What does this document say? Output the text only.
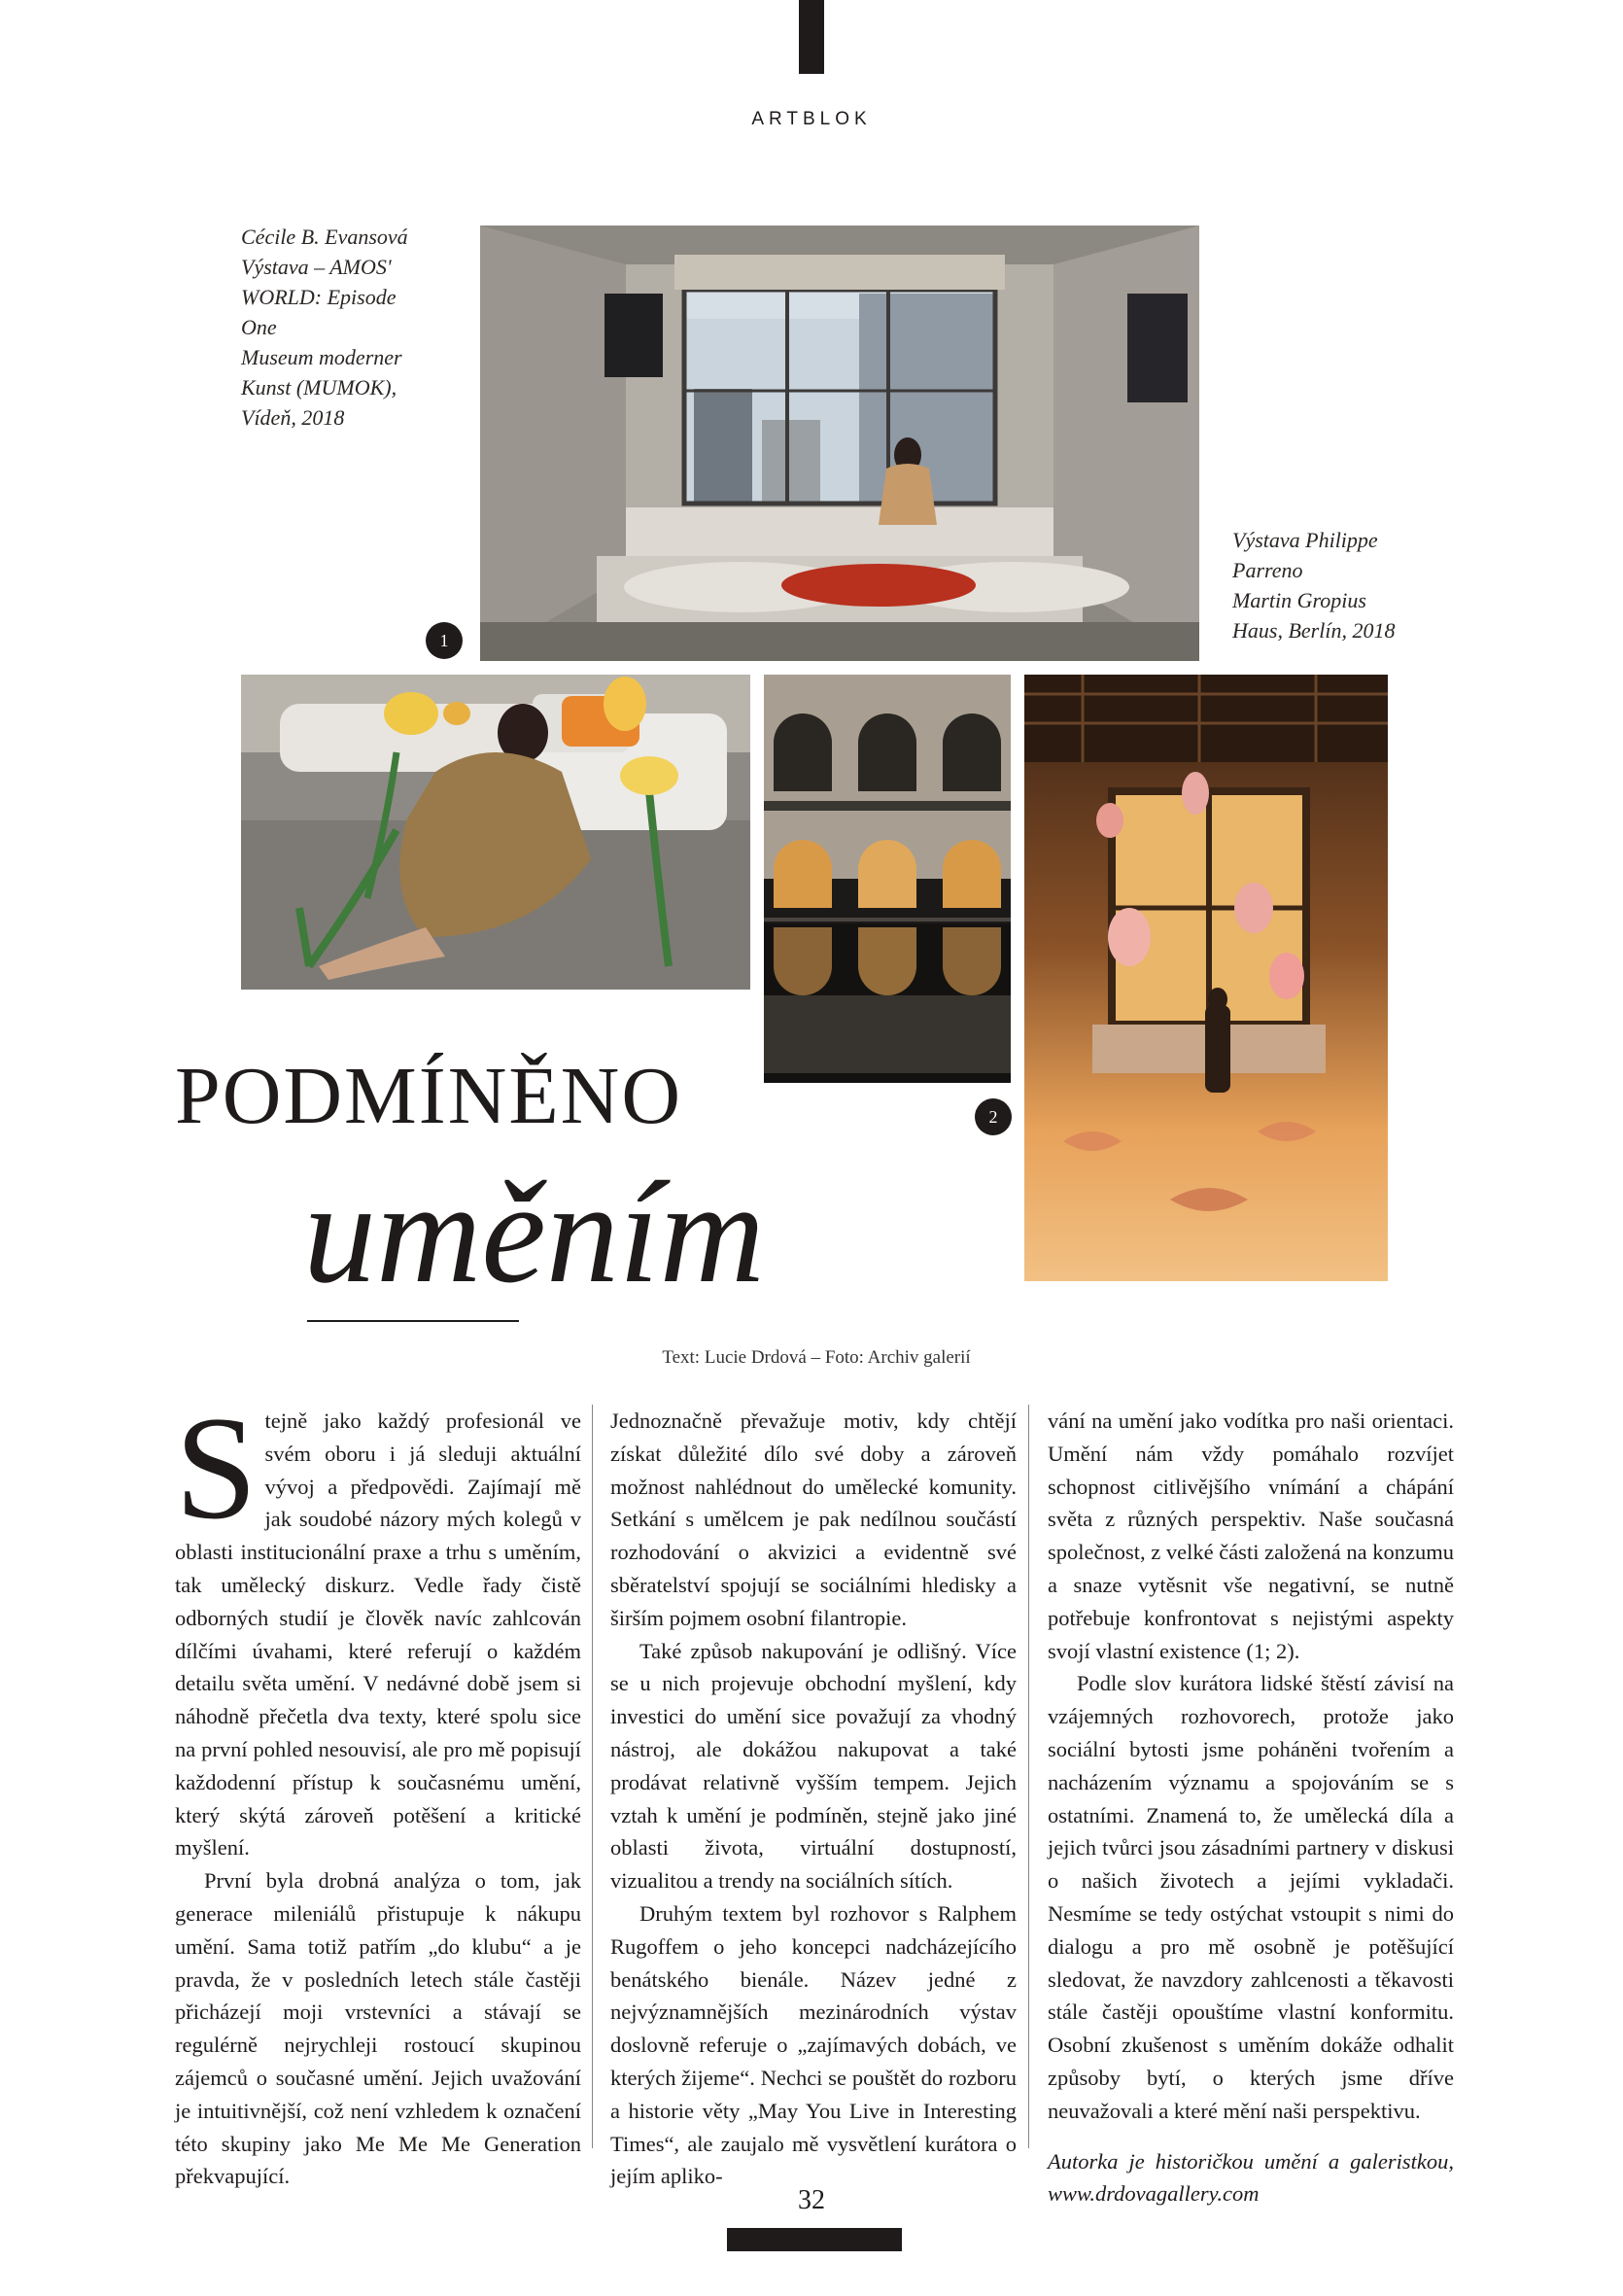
ARTBLOK
Cécile B. Evansová
Výstava – AMOS'
WORLD: Episode
One
Museum moderner
Kunst (MUMOK),
Vídeň, 2018
Výstava Philippe
Parreno
Martin Gropius
Haus, Berlín, 2018
1
2
PODMÍNĚNO
uměním
Text: Lucie Drdová – Foto: Archiv galerií

Stejně jako každý profesionál ve svém oboru i já sleduji aktuální vývoj a předpovědi. Zajímají mě jak soudobé názory mých kolegů v oblasti institucionální praxe a trhu s uměním, tak umělecký diskurz. Vedle řady čistě odborných studií je člověk navíc zahlcován dílčími úvahami, které referují o každém detailu světa umění. V nedávné době jsem si náhodně přečetla dva texty, které spolu sice na první pohled nesouvisí, ale pro mě popisují každodenní přístup k současnému umění, který skýtá zároveň potěšení a kritické myšlení.

První byla drobná analýza o tom, jak generace mileniálů přistupuje k nákupu umění. Sama totiž patřím „do klubu“ a je pravda, že v posledních letech stále častěji přicházejí moji vrstevníci a stávají se regulérně nejrychleji rostoucí skupinou zájemců o současné umění. Jejich uvažování je intuitivnější, což není vzhledem k označení této skupiny jako Me Me Me Generation překvapující.

Jednoznačně převažuje motiv, kdy chtějí získat důležité dílo své doby a zároveň možnost nahlédnout do umělecké komunity. Setkání s umělcem je pak nedílnou součástí rozhodování o akvizici a evidentně své sběratelství spojují se sociálními hledisky a širším pojmem osobní filantropie.

Také způsob nakupování je odlišný. Více se u nich projevuje obchodní myšlení, kdy investici do umění sice považují za vhodný nástroj, ale dokážou nakupovat a také prodávat relativně vyšším tempem. Jejich vztah k umění je podmíněn, stejně jako jiné oblasti života, virtuální dostupností, vizualitou a trendy na sociálních sítích.

Druhým textem byl rozhovor s Ralphem Rugoffem o jeho koncepci nadcházejícího benátského bienále. Název jedné z nejvýznamnějších mezinárodních výstav doslovně referuje o „zajímavých dobách, ve kterých žijeme“. Nechci se pouštět do rozboru a historie věty „May You Live in Interesting Times“, ale zaujalo mě vysvětlení kurátora o jejím apliko-

vání na umění jako vodítka pro naši orientaci. Umění nám vždy pomáhalo rozvíjet schopnost citlivějšího vnímání a chápání světa z různých perspektiv. Naše současná společnost, z velké části založená na konzumu a snaze vytěsnit vše negativní, se nutně potřebuje konfrontovat s nejistými aspekty svojí vlastní existence (1; 2).

Podle slov kurátora lidské štěstí závisí na vzájemných rozhovorech, protože jako sociální bytosti jsme poháněni tvořením a nacházením významu a spojováním se s ostatními. Znamená to, že umělecká díla a jejich tvůrci jsou zásadními partnery v diskusi o našich životech a jejími vykladači. Nesmíme se tedy ostýchat vstoupit s nimi do dialogu a pro mě osobně je potěšující sledovat, že navzdory zahlcenosti a těkavosti stále častěji opouštíme vlastní konformitu. Osobní zkušenost s uměním dokáže odhalit způsoby bytí, o kterých jsme dříve neuvažovali a které mění naši perspektivu.

Autorka je historičkou umění a galeristkou, www.drdovagallery.com

32
